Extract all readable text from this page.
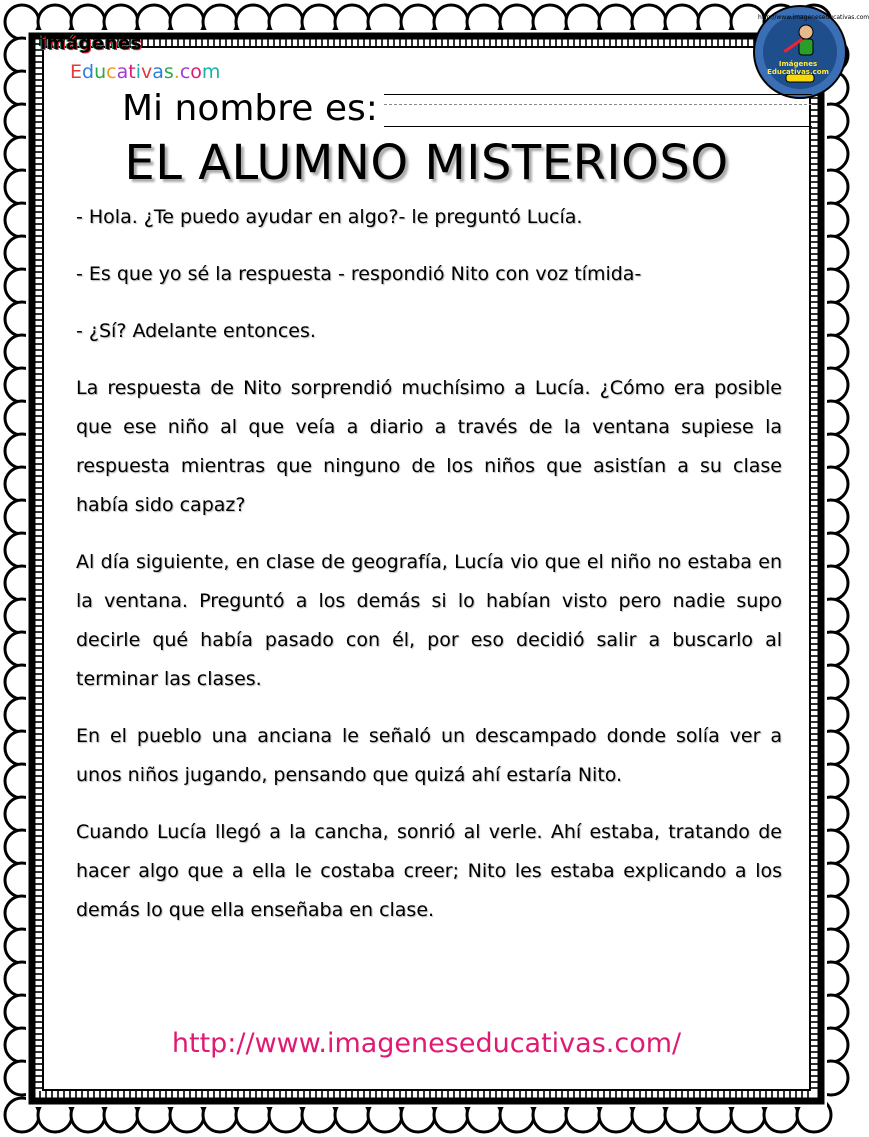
imágenes
Educativas.com
http://www.imageneseducativas.com
Imágenes Educativas.com
Mi nombre es:
EL ALUMNO MISTERIOSO

- Hola. ¿Te puedo ayudar en algo?- le preguntó Lucía.

- Es que yo sé la respuesta - respondió Nito con voz tímida-

- ¿Sí? Adelante entonces.

La respuesta de Nito sorprendió muchísimo a Lucía. ¿Cómo era posible que ese niño al que veía a diario a través de la ventana supiese la respuesta mientras que ninguno de los niños que asistían a su clase había sido capaz?

Al día siguiente, en clase de geografía, Lucía vio que el niño no estaba en la ventana. Preguntó a los demás si lo habían visto pero nadie supo decirle qué había pasado con él, por eso decidió salir a buscarlo al terminar las clases.

En el pueblo una anciana le señaló un descampado donde solía ver a unos niños jugando, pensando que quizá ahí estaría Nito.

Cuando Lucía llegó a la cancha, sonrió al verle. Ahí estaba, tratando de hacer algo que a ella le costaba creer; Nito les estaba explicando a los demás lo que ella enseñaba en clase.

http://www.imageneseducativas.com/
